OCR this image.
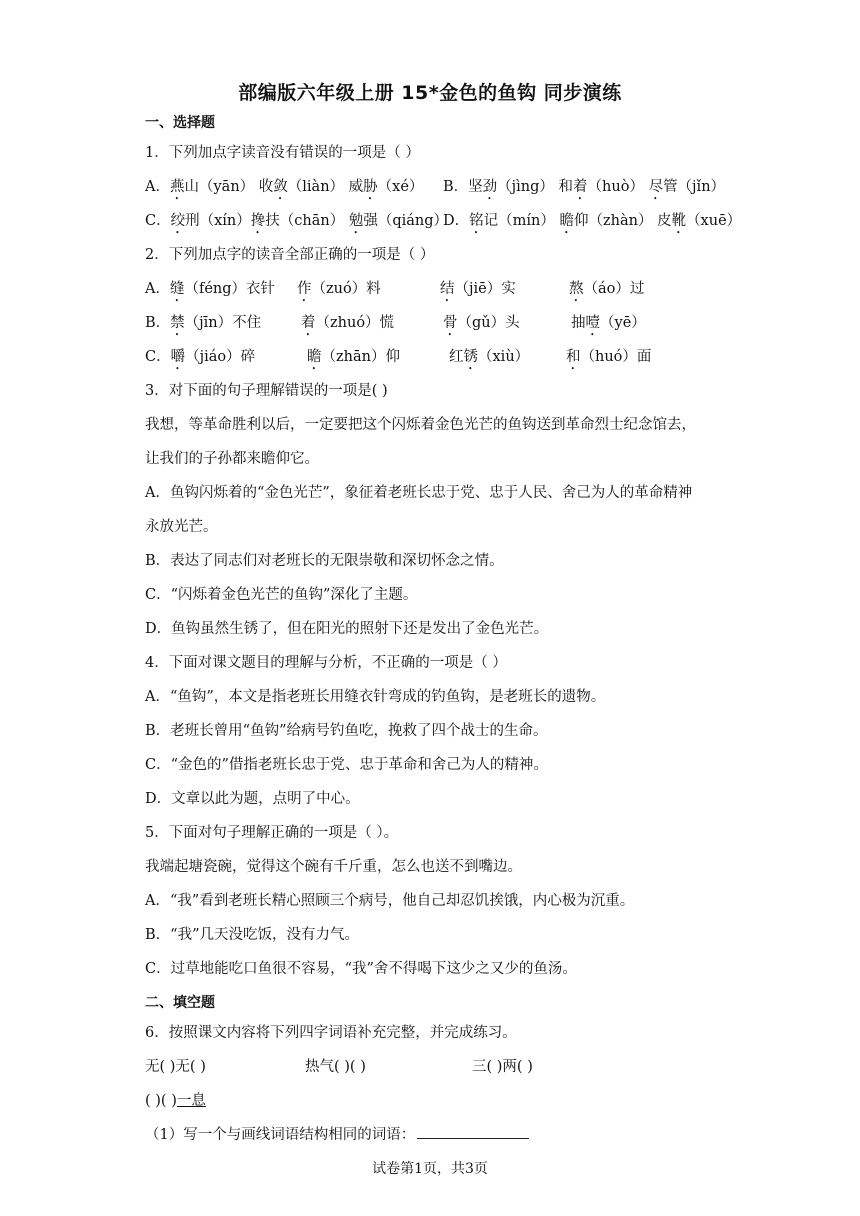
部编版六年级上册 15*金色的鱼钩 同步演练
一、选择题
1．下列加点字读音没有错误的一项是（ ）
A．燕山（yān） 收敛（liàn） 威胁（xé） B．坚劲（jìng） 和着（huò） 尽管（jǐn）
C．绞刑（xín）搀扶（chān） 勉强（qiáng）
D．铭记（mín） 瞻仰（zhàn） 皮靴（xuē）
2．下列加点字的读音全部正确的一项是（ ）
A．缝（féng）衣针 作（zuó）料	结（jiē）实	熬（áo）过
B．禁（jīn）不住	着（zhuó）慌	骨（gǔ）头	抽噎（yē）
C．嚼（jiáo）碎	瞻（zhān）仰	红锈（xiù）	和（huó）面
3．对下面的句子理解错误的一项是( )
我想，等革命胜利以后，一定要把这个闪烁着金色光芒的鱼钩送到革命烈士纪念馆去，
让我们的子孙都来瞻仰它。
A．鱼钩闪烁着的“金色光芒”，象征着老班长忠于党、忠于人民、舍己为人的革命精神
永放光芒。
B．表达了同志们对老班长的无限崇敬和深切怀念之情。
C．“闪烁着金色光芒的鱼钩”深化了主题。
D．鱼钩虽然生锈了，但在阳光的照射下还是发出了金色光芒。
4．下面对课文题目的理解与分析，不正确的一项是（ ）
A．“鱼钩”，本文是指老班长用缝衣针弯成的钓鱼钩，是老班长的遗物。
B．老班长曾用“鱼钩”给病号钓鱼吃，挽救了四个战士的生命。
C．“金色的”借指老班长忠于党、忠于革命和舍己为人的精神。
D．文章以此为题，点明了中心。
5．下面对句子理解正确的一项是（ ）。
我端起塘瓷碗，觉得这个碗有千斤重，怎么也送不到嘴边。
A．“我”看到老班长精心照顾三个病号，他自己却忍饥挨饿，内心极为沉重。
B．“我”几天没吃饭，没有力气。
C．过草地能吃口鱼很不容易，“我”舍不得喝下这少之又少的鱼汤。
二、填空题
6．按照课文内容将下列四字词语补充完整，并完成练习。
无( )无( )	热气( )( )	三( )两( )
( )( )一息
（1）写一个与画线词语结构相同的词语：
试卷第1页，共3页
